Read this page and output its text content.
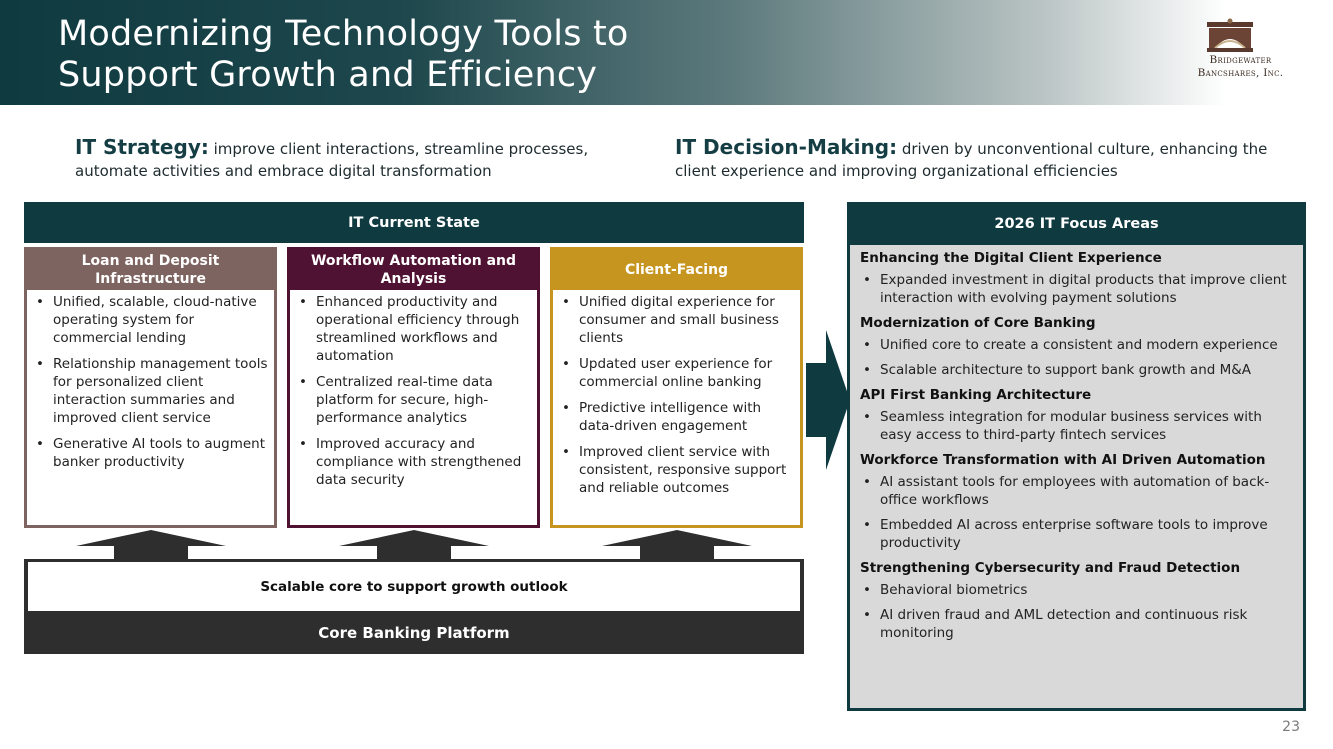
Modernizing Technology Tools to
Support Growth and Efficiency	Bridgewater
Bancshares, Inc.
IT Strategy: improve client interactions, streamline processes, automate activities and embrace digital transformation
IT Decision-Making: driven by unconventional culture, enhancing the client experience and improving organizational efficiencies
IT Current State
Loan and Deposit Infrastructure
• Unified, scalable, cloud-native operating system for commercial lending
• Relationship management tools for personalized client interaction summaries and improved client service
• Generative AI tools to augment banker productivity
Workflow Automation and Analysis
• Enhanced productivity and operational efficiency through streamlined workflows and automation
• Centralized real-time data platform for secure, high-performance analytics
• Improved accuracy and compliance with strengthened data security
Client-Facing
• Unified digital experience for consumer and small business clients
• Updated user experience for commercial online banking
• Predictive intelligence with data-driven engagement
• Improved client service with consistent, responsive support and reliable outcomes
Scalable core to support growth outlook
Core Banking Platform
2026 IT Focus Areas
Enhancing the Digital Client Experience
• Expanded investment in digital products that improve client interaction with evolving payment solutions
Modernization of Core Banking
• Unified core to create a consistent and modern experience
• Scalable architecture to support bank growth and M&A
API First Banking Architecture
• Seamless integration for modular business services with easy access to third-party fintech services
Workforce Transformation with AI Driven Automation
• AI assistant tools for employees with automation of back-office workflows
• Embedded AI across enterprise software tools to improve productivity
Strengthening Cybersecurity and Fraud Detection
• Behavioral biometrics
• AI driven fraud and AML detection and continuous risk monitoring
23
